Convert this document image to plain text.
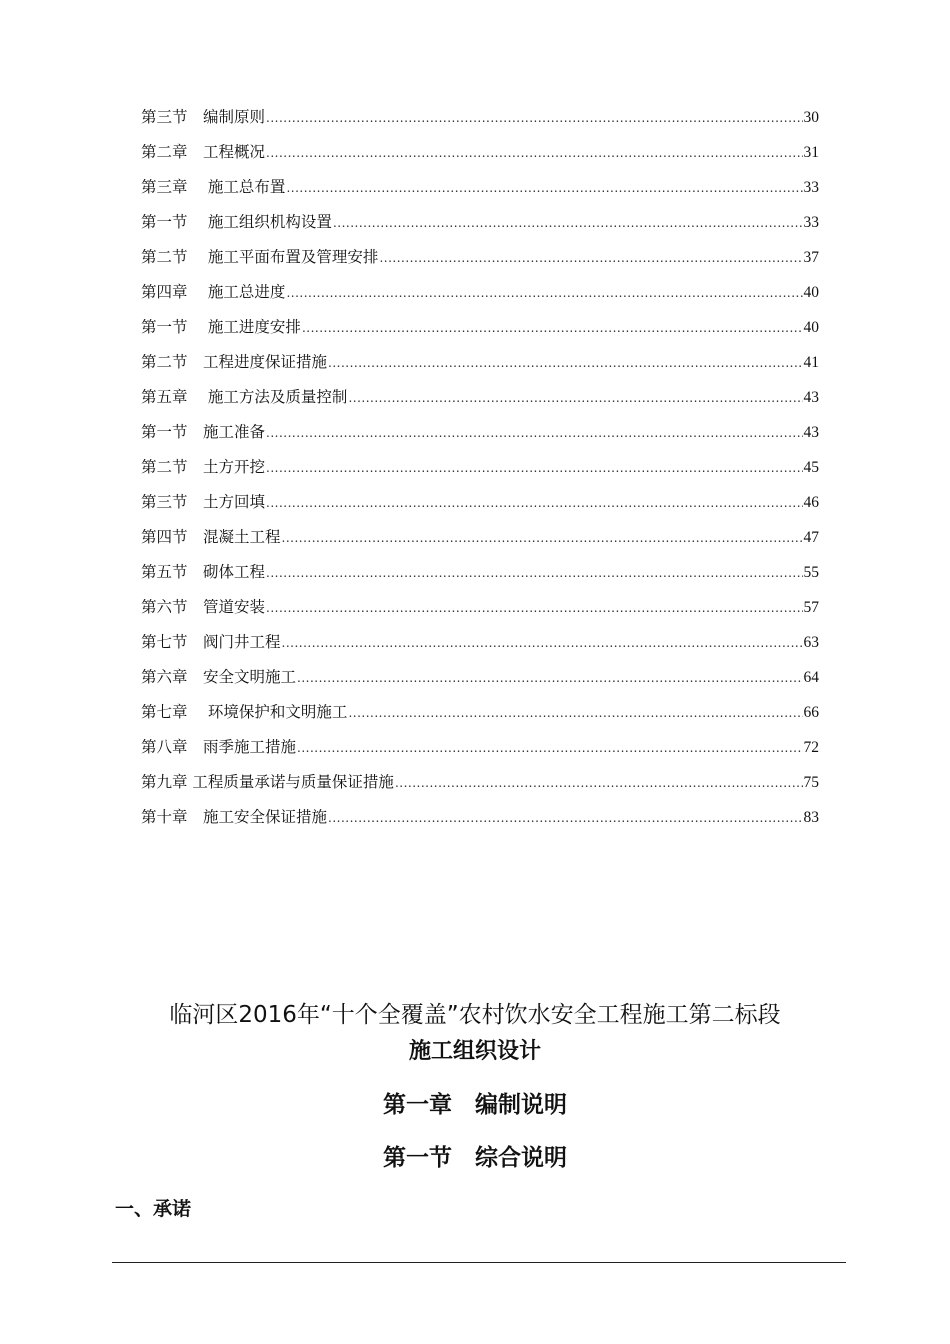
第三节　编制原则 .....	30
第二章　工程概况 .....	31
第三章　 施工总布置 .....	33
第一节　 施工组织机构设置 .....	33
第二节　 施工平面布置及管理安排 .....	37
第四章　 施工总进度 .....	40
第一节　 施工进度安排 .....	40
第二节　工程进度保证措施 .....	41
第五章　 施工方法及质量控制 .....	43
第一节　施工准备 .....	43
第二节　土方开挖 .....	45
第三节　土方回填 .....	46
第四节　混凝土工程 .....	47
第五节　砌体工程 .....	55
第六节　管道安装 .....	57
第七节　阀门井工程 .....	63
第六章　安全文明施工 .....	64
第七章　 环境保护和文明施工 .....	66
第八章　雨季施工措施 .....	72
第九章 工程质量承诺与质量保证措施 .....	75
第十章　施工安全保证措施 .....	83
临河区2016年“十个全覆盖”农村饮水安全工程施工第二标段
施工组织设计
第一章　编制说明
第一节　综合说明
一、承诺
